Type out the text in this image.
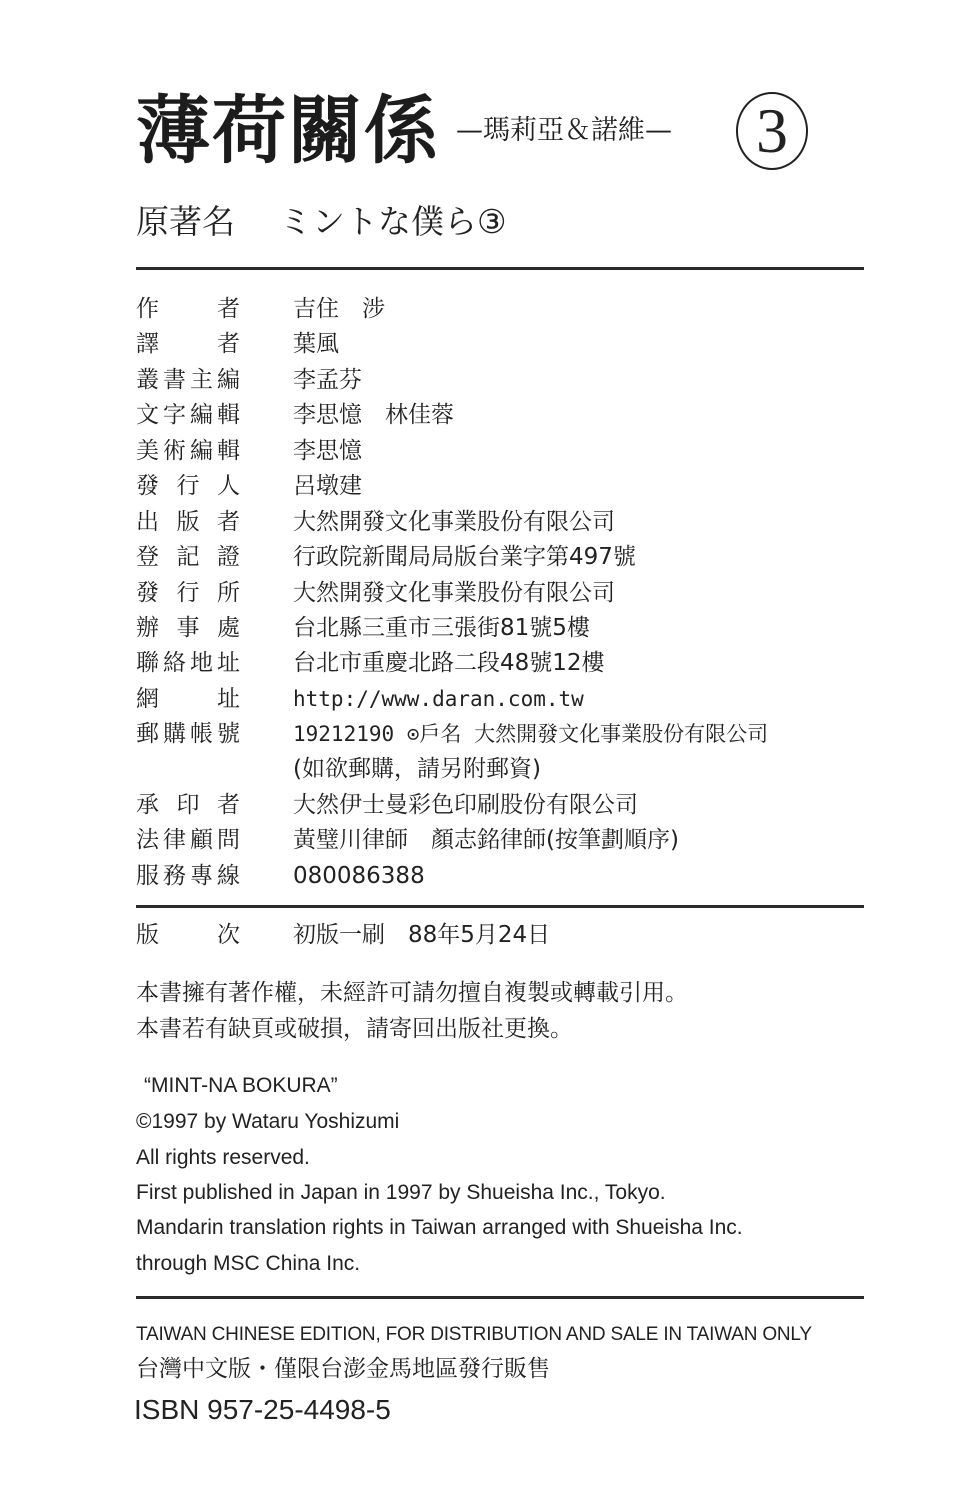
薄荷關係 —瑪莉亞＆諾維— 3
原著名 ミントな僕ら③
作	者 吉住　涉
譯	者 葉風
叢 書 主 編 李孟芬
文 字 編 輯 李思憶　林佳蓉
美 術 編 輯 李思憶
發 行 人 呂墩建
出 版 者 大然開發文化事業股份有限公司
登 記 證 行政院新聞局局版台業字第497號
發 行 所 大然開發文化事業股份有限公司
辦 事 處 台北縣三重市三張街81號5樓
聯 絡 地 址 台北市重慶北路二段48號12樓
網	址	http://www.daran.com.tw
郵 購 帳 號	19212190 ⊙戶名 大然開發文化事業股份有限公司
(如欲郵購，請另附郵資)
承 印 者 大然伊士曼彩色印刷股份有限公司
法 律 顧 問 黃璧川律師　顏志銘律師(按筆劃順序)
服 務 專 線 080086388
版	次 初版一刷　88年5月24日
本書擁有著作權，未經許可請勿擅自複製或轉載引用。
本書若有缺頁或破損，請寄回出版社更換。
“MINT-NA BOKURA”
©1997 by Wataru Yoshizumi
All rights reserved.
First published in Japan in 1997 by Shueisha Inc., Tokyo.
Mandarin translation rights in Taiwan arranged with Shueisha Inc.
through MSC China Inc.
TAIWAN CHINESE EDITION, FOR DISTRIBUTION AND SALE IN TAIWAN ONLY
台灣中文版・僅限台澎金馬地區發行販售
ISBN 957-25-4498-5
